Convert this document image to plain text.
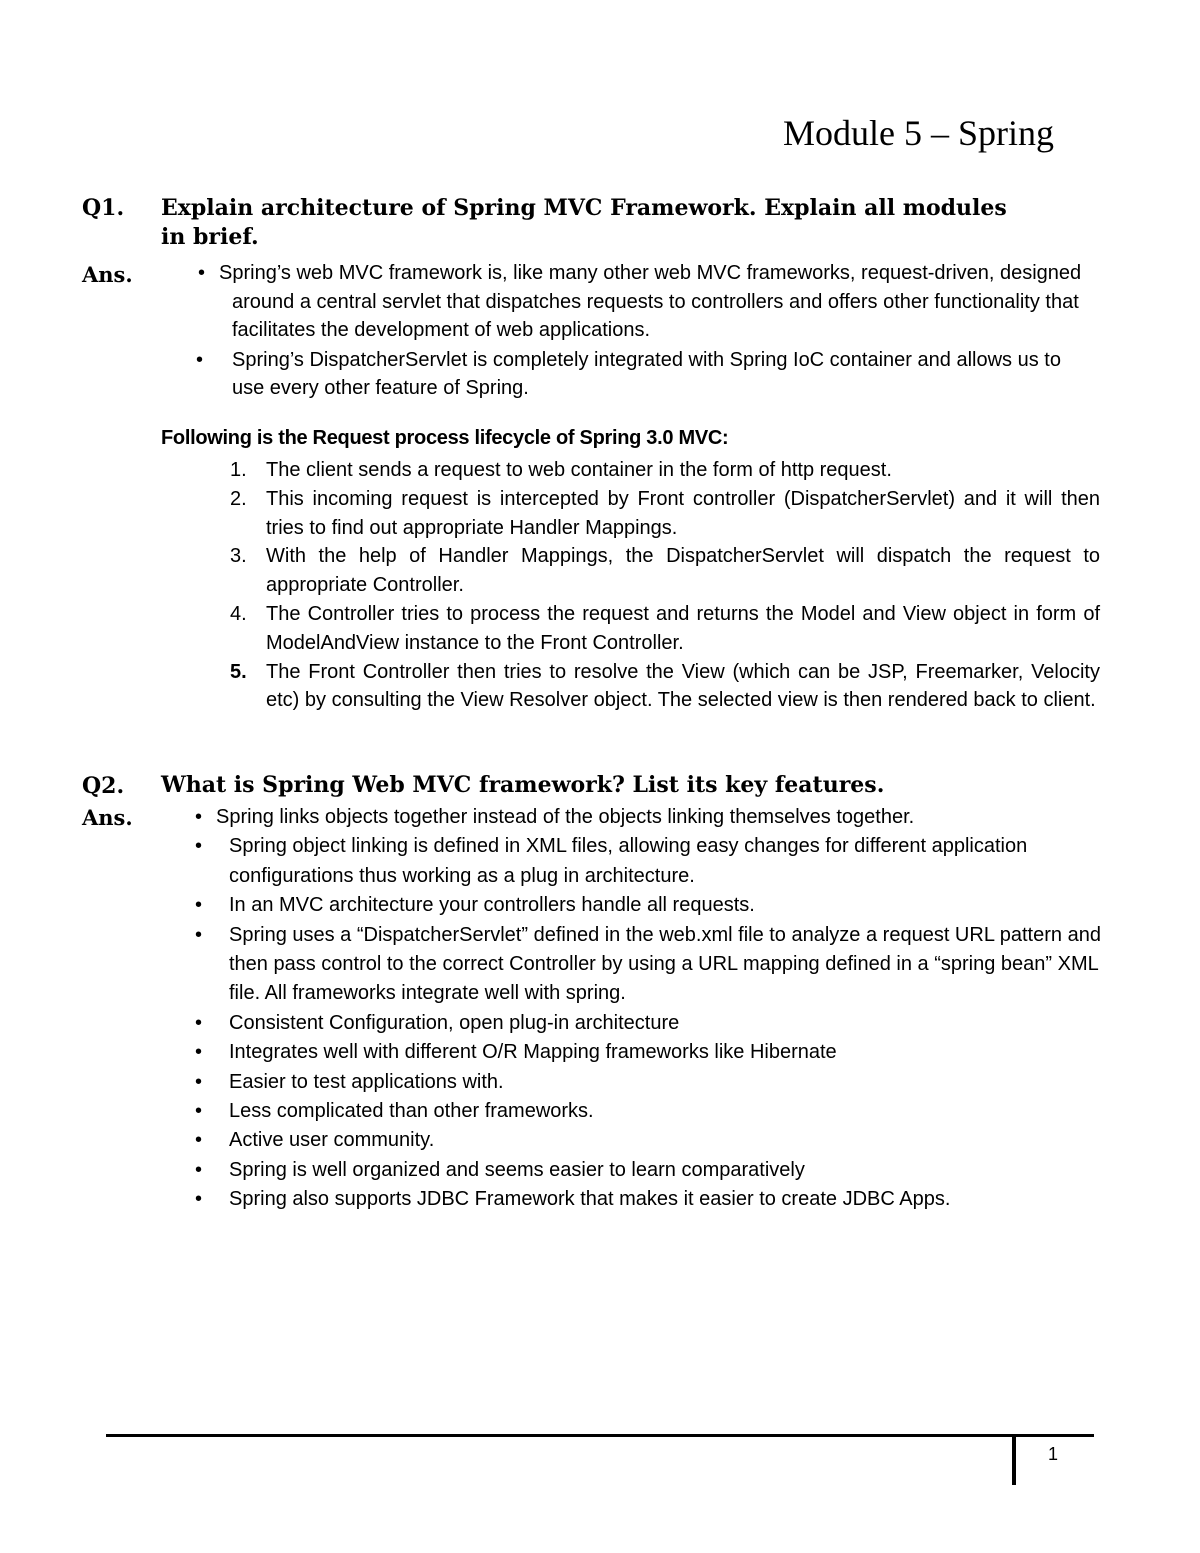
Module 5 – Spring
Q1. Explain architecture of Spring MVC Framework. Explain all modules in brief.

Ans.	• Spring’s web MVC framework is, like many other web MVC frameworks, request-driven, designed around a central servlet that dispatches requests to controllers and offers other functionality that facilitates the development of web applications.
• Spring’s DispatcherServlet is completely integrated with Spring IoC container and allows us to use every other feature of Spring.

Following is the Request process lifecycle of Spring 3.0 MVC:

1. The client sends a request to web container in the form of http request.
2. This incoming request is intercepted by Front controller (DispatcherServlet) and it will then tries to find out appropriate Handler Mappings.
3. With the help of Handler Mappings, the DispatcherServlet will dispatch the request to appropriate Controller.
4. The Controller tries to process the request and returns the Model and View object in form of ModelAndView instance to the Front Controller.
5. The Front Controller then tries to resolve the View (which can be JSP, Freemarker, Velocity etc) by consulting the View Resolver object. The selected view is then rendered back to client.
Q2. What is Spring Web MVC framework? List its key features.

Ans.	• Spring links objects together instead of the objects linking themselves together.
• Spring object linking is defined in XML files, allowing easy changes for different application configurations thus working as a plug in architecture.
• In an MVC architecture your controllers handle all requests.
• Spring uses a “DispatcherServlet” defined in the web.xml file to analyze a request URL pattern and then pass control to the correct Controller by using a URL mapping defined in a “spring bean” XML file. All frameworks integrate well with spring.
• Consistent Configuration, open plug-in architecture
• Integrates well with different O/R Mapping frameworks like Hibernate
• Easier to test applications with.
• Less complicated than other frameworks.
• Active user community.
• Spring is well organized and seems easier to learn comparatively
• Spring also supports JDBC Framework that makes it easier to create JDBC Apps.
1
